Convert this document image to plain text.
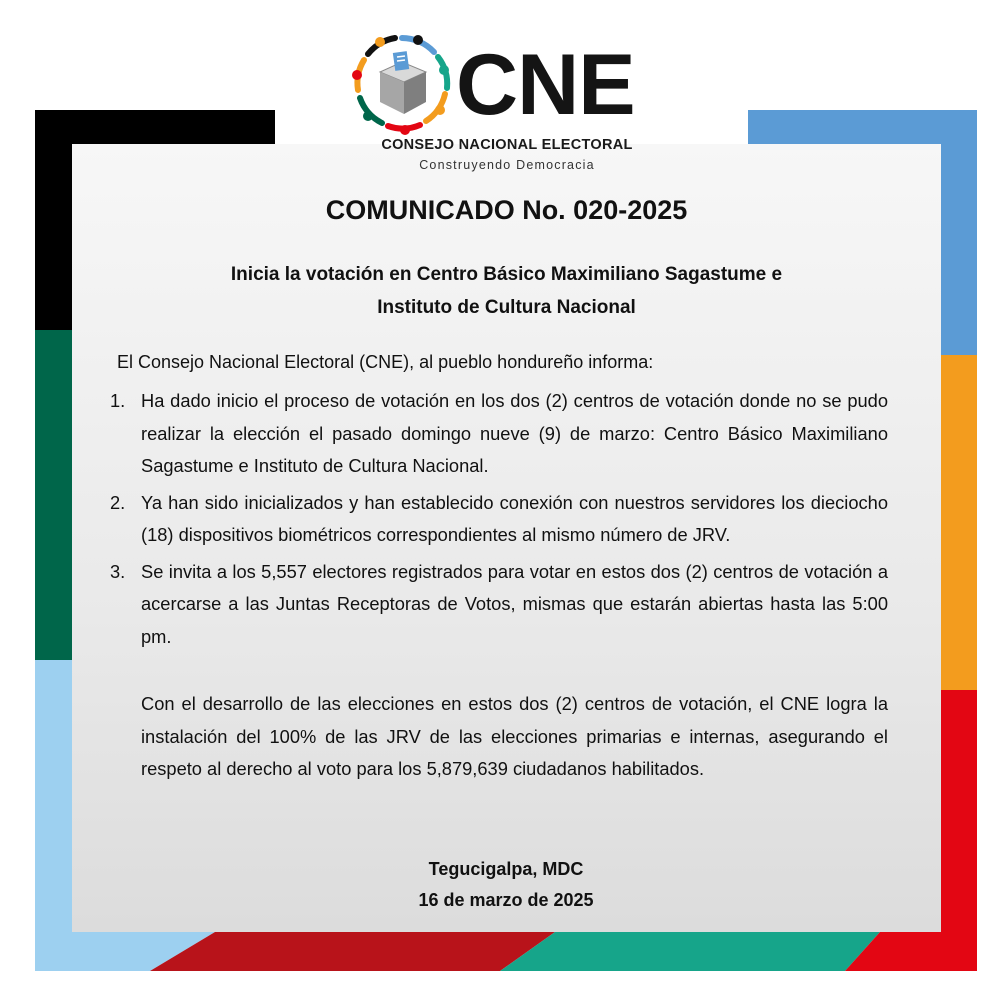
CNE
CONSEJO NACIONAL ELECTORAL
Construyendo Democracia
COMUNICADO No. 020-2025
Inicia la votación en Centro Básico Maximiliano Sagastume e
Instituto de Cultura Nacional
El Consejo Nacional Electoral (CNE), al pueblo hondureño informa:
1. Ha dado inicio el proceso de votación en los dos (2) centros de votación donde no se pudo realizar la elección el pasado domingo nueve (9) de marzo: Centro Básico Maximiliano Sagastume e Instituto de Cultura Nacional.
2. Ya han sido inicializados y han establecido conexión con nuestros servidores los dieciocho (18) dispositivos biométricos correspondientes al mismo número de JRV.
3. Se invita a los 5,557 electores registrados para votar en estos dos (2) centros de votación a acercarse a las Juntas Receptoras de Votos, mismas que estarán abiertas hasta las 5:00 pm.
Con el desarrollo de las elecciones en estos dos (2) centros de votación, el CNE logra la instalación del 100% de las JRV de las elecciones primarias e internas, asegurando el respeto al derecho al voto para los 5,879,639 ciudadanos habilitados.
Tegucigalpa, MDC
16 de marzo de 2025
